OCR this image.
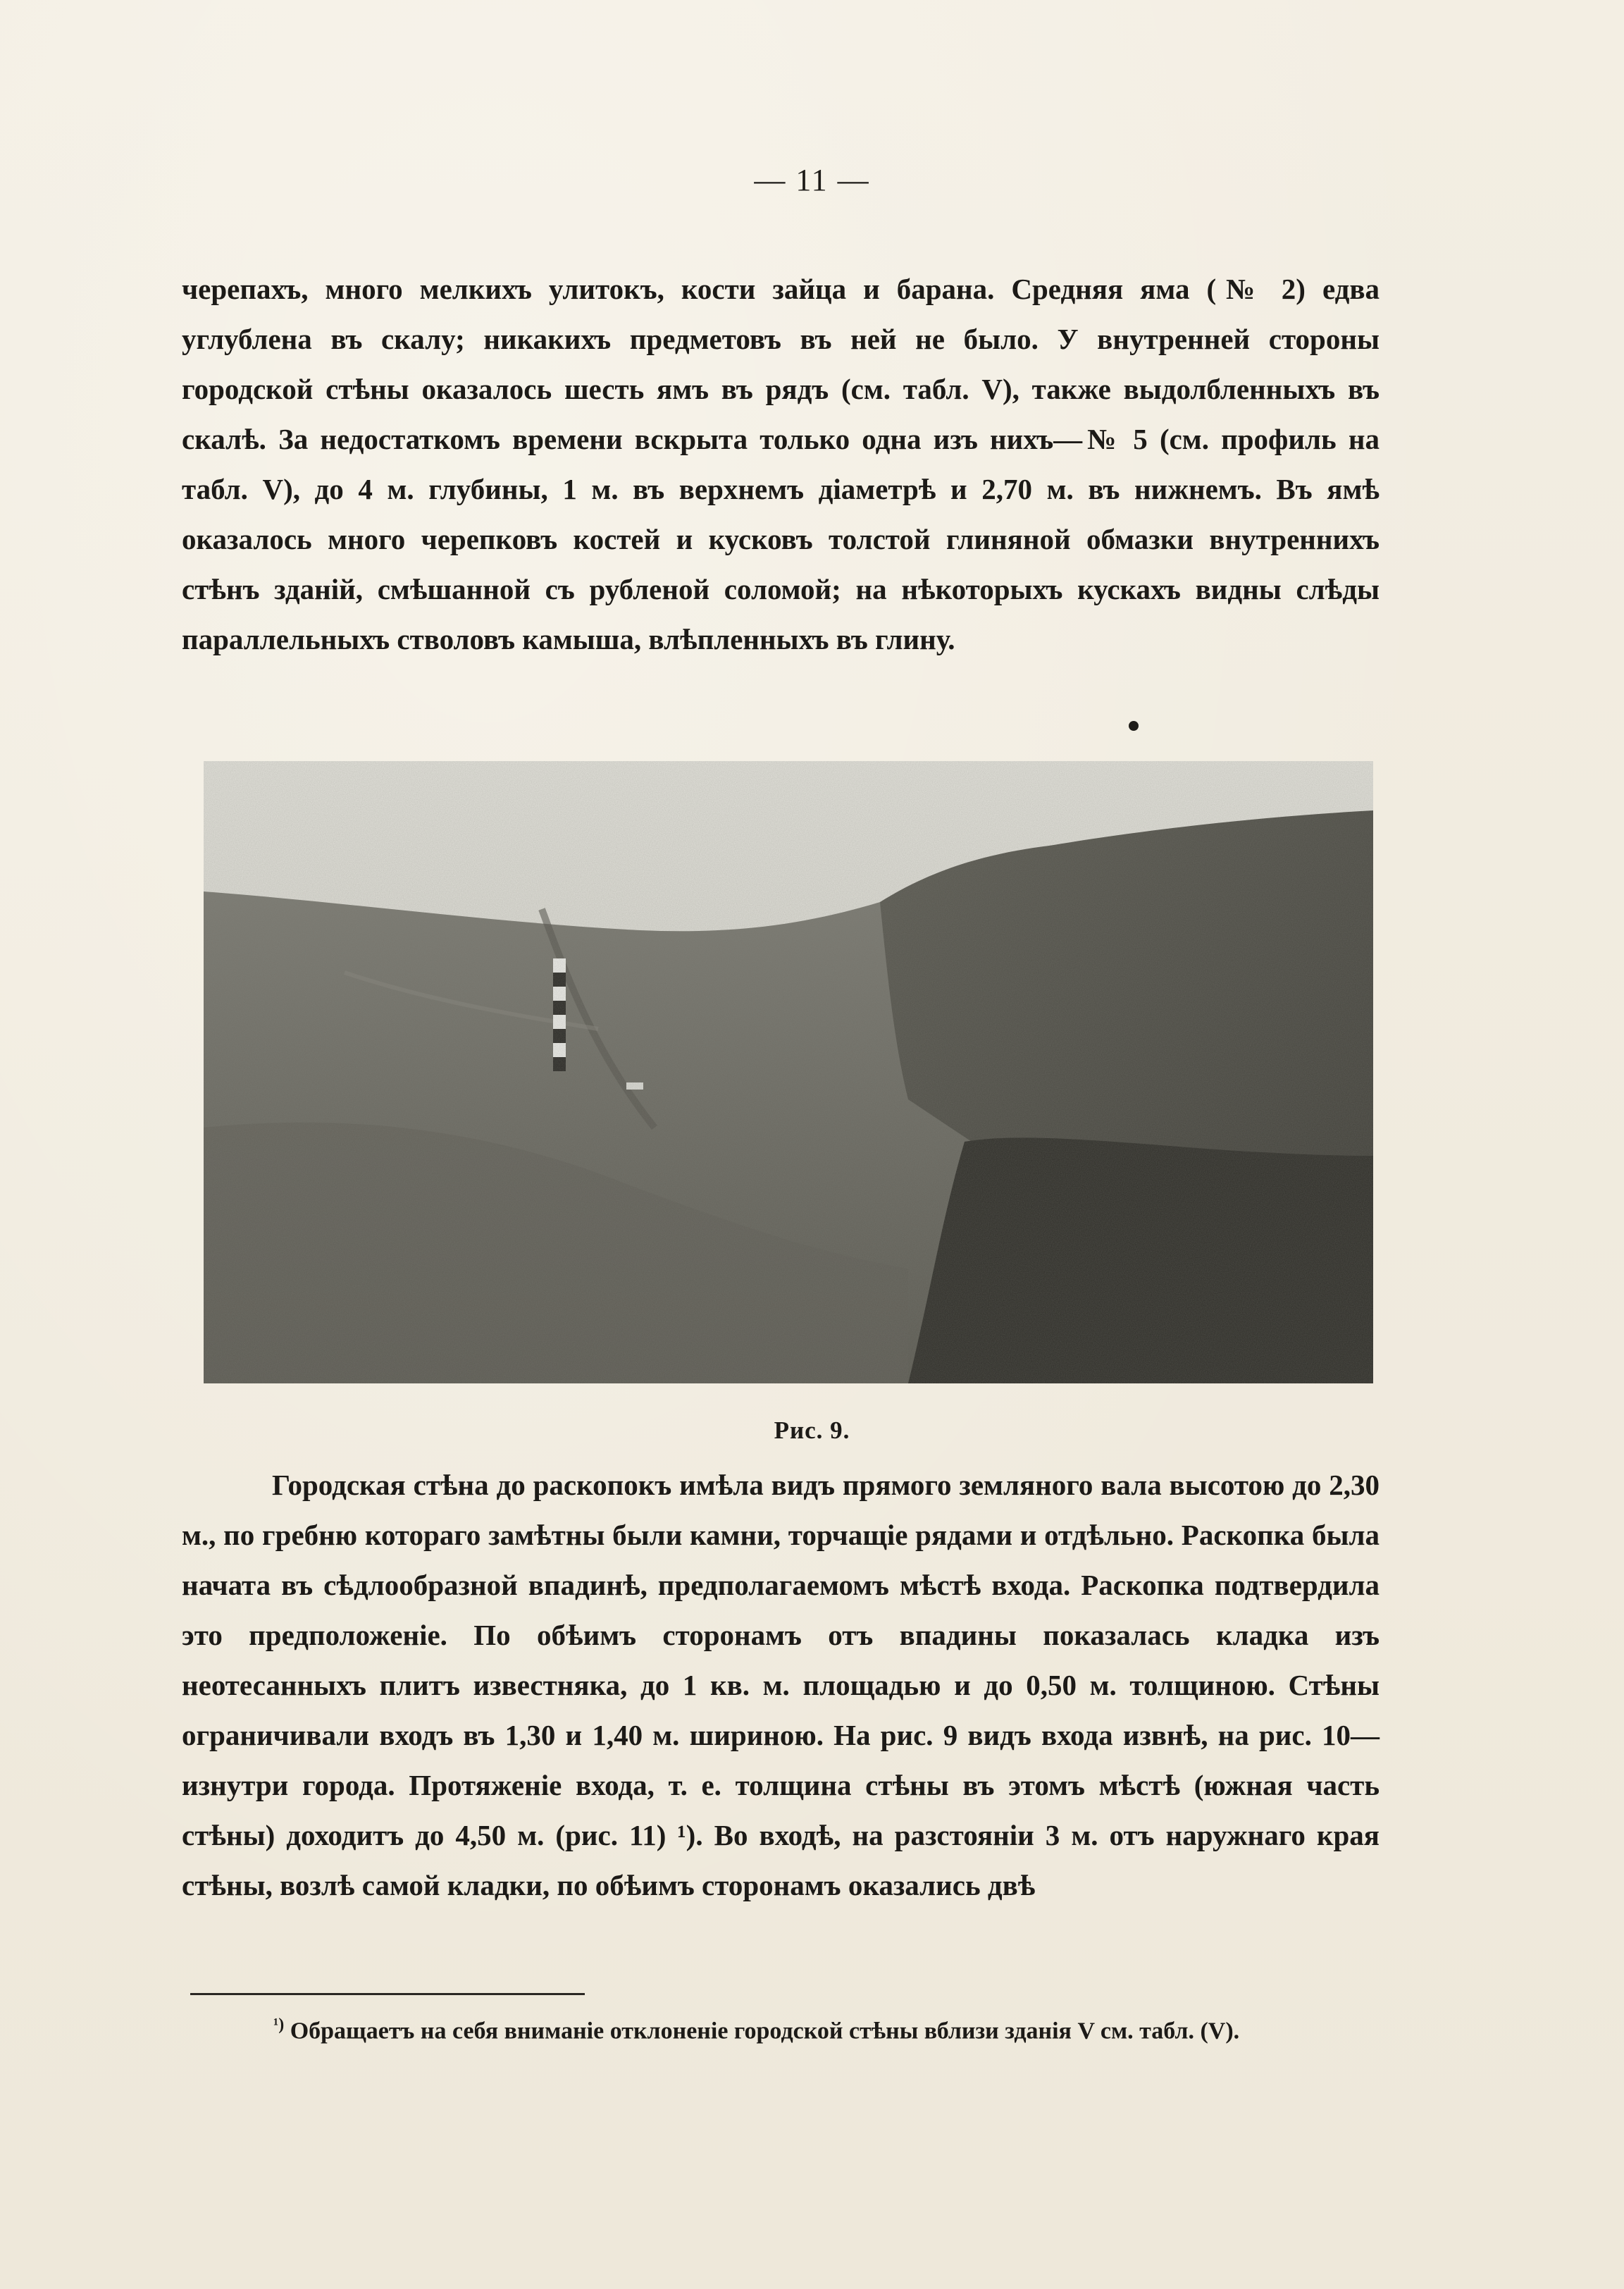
— 11 —

черепахъ, много мелкихъ улитокъ, кости зайца и барана. Средняя яма (№ 2) едва углублена въ скалу; никакихъ предметовъ въ ней не было. У внутренней стороны городской стѣны оказалось шесть ямъ въ рядъ (см. табл. V), также выдолбленныхъ въ скалѣ. За недостаткомъ времени вскрыта только одна изъ нихъ—№ 5 (см. профиль на табл. V), до 4 м. глубины, 1 м. въ верхнемъ діаметрѣ и 2,70 м. въ нижнемъ. Въ ямѣ оказалось много черепковъ костей и кусковъ толстой глиняной обмазки внутреннихъ стѣнъ зданій, смѣшанной съ рубленой соломой; на нѣкоторыхъ кускахъ видны слѣды параллельныхъ стволовъ камыша, влѣпленныхъ въ глину.

Рис. 9.

Городская стѣна до раскопокъ имѣла видъ прямого земляного вала высотою до 2,30 м., по гребню котораго замѣтны были камни, торчащіе рядами и отдѣльно. Раскопка была начата въ сѣдлообразной впадинѣ, предполагаемомъ мѣстѣ входа. Раскопка подтвердила это предположеніе. По обѣимъ сторонамъ отъ впадины показалась кладка изъ неотесанныхъ плитъ известняка, до 1 кв. м. площадью и до 0,50 м. толщиною. Стѣны ограничивали входъ въ 1,30 и 1,40 м. шириною. На рис. 9 видъ входа извнѣ, на рис. 10—изнутри города. Протяженіе входа, т. е. толщина стѣны въ этомъ мѣстѣ (южная часть стѣны) доходитъ до 4,50 м. (рис. 11) ¹). Во входѣ, на разстояніи 3 м. отъ наружнаго края стѣны, возлѣ самой кладки, по обѣимъ сторонамъ оказались двѣ

$^{^1)}$ Обращаетъ на себя вниманіе отклоненіе городской стѣны вблизи зданія V см. табл. (V).
